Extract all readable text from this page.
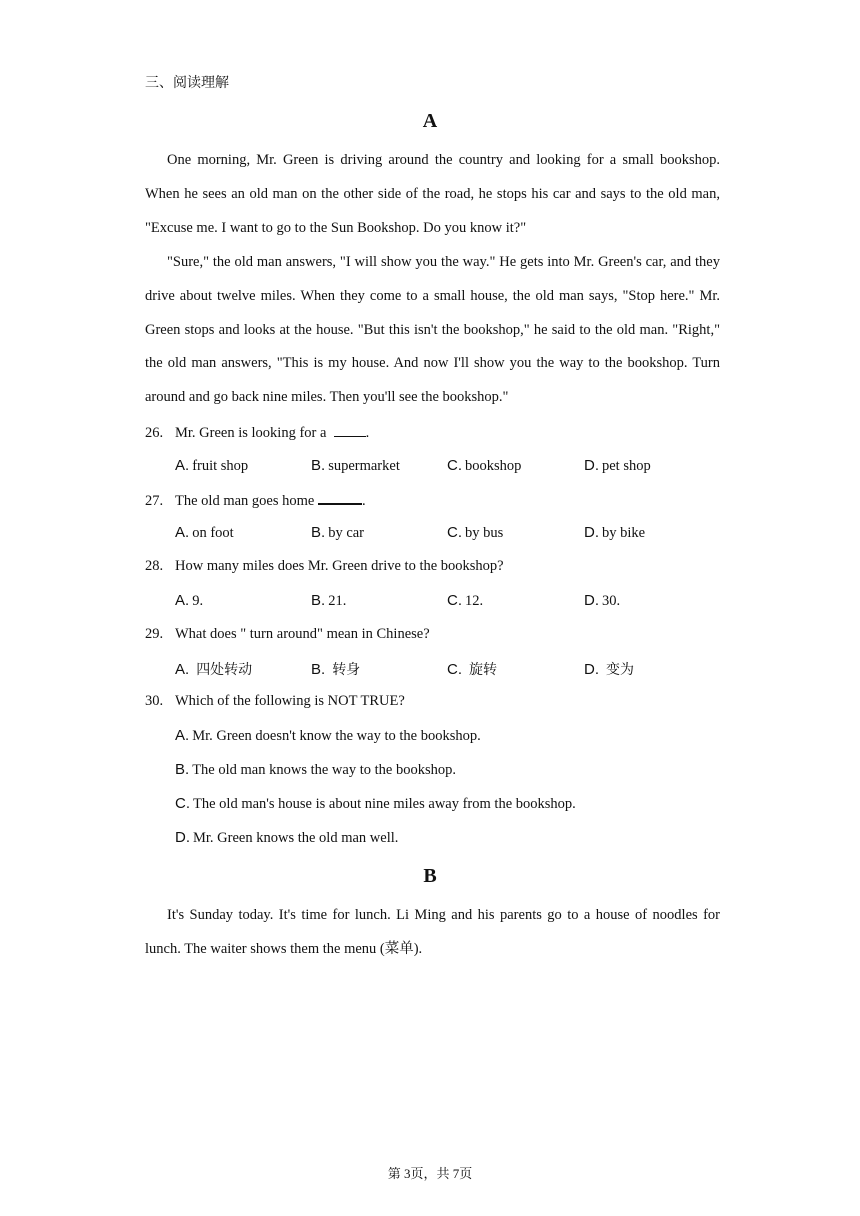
三、阅读理解
A

One morning, Mr. Green is driving around the country and looking for a small bookshop. When he sees an old man on the other side of the road, he stops his car and says to the old man, "Excuse me. I want to go to the Sun Bookshop. Do you know it?"

"Sure," the old man answers, "I will show you the way." He gets into Mr. Green's car, and they drive about twelve miles. When they come to a small house, the old man says, "Stop here." Mr. Green stops and looks at the house. "But this isn't the bookshop," he said to the old man. "Right," the old man answers, "This is my house. And now I'll show you the way to the bookshop. Turn around and go back nine miles. Then you'll see the bookshop."

26. Mr. Green is looking for a	.
A. fruit shop	B. supermarket	C. bookshop	D. pet shop
27. The old man goes home	.
A. on foot	B. by car	C. by bus	D. by bike
28. How many miles does Mr. Green drive to the bookshop?
A. 9.	B. 21.	C. 12.	D. 30.
29. What does " turn around" mean in Chinese?
A. 四处转动	B. 转身	C. 旋转	D. 变为
30. Which of the following is NOT TRUE?
A. Mr. Green doesn't know the way to the bookshop.
B. The old man knows the way to the bookshop.
C. The old man's house is about nine miles away from the bookshop.
D. Mr. Green knows the old man well.
B

It's Sunday today. It's time for lunch. Li Ming and his parents go to a house of noodles for lunch. The waiter shows them the menu (菜单).

第 3页，共 7页
